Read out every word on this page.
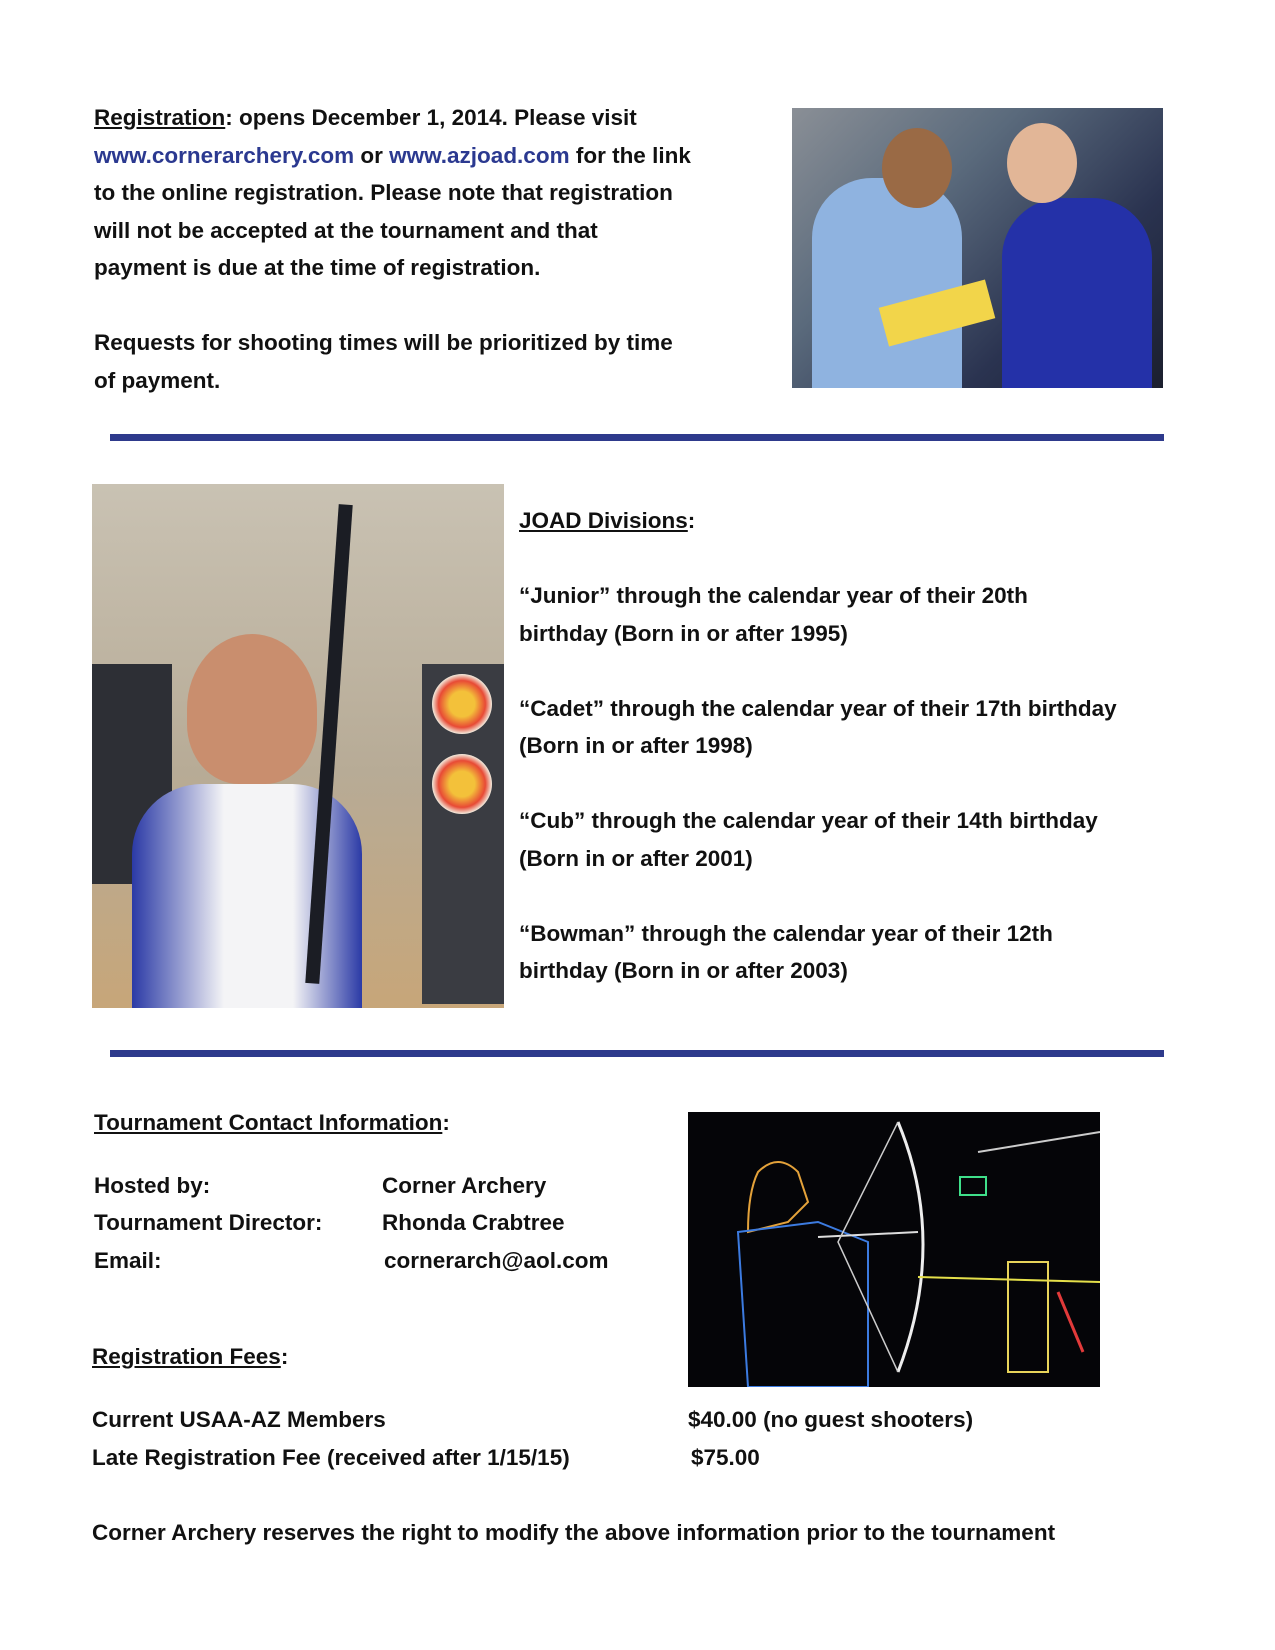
Registration: opens December 1, 2014. Please visit
www.cornerarchery.com or www.azjoad.com for the link
to the online registration. Please note that registration
will not be accepted at the tournament and that
payment is due at the time of registration.
Requests for shooting times will be prioritized by time
of payment.
JOAD Divisions:
“Junior” through the calendar year of their 20th
birthday (Born in or after 1995)
“Cadet” through the calendar year of their 17th birthday
(Born in or after 1998)
“Cub” through the calendar year of their 14th birthday
(Born in or after 2001)
“Bowman” through the calendar year of their 12th
birthday (Born in or after 2003)
Tournament Contact Information:
Hosted by:	Corner Archery
Tournament Director:	Rhonda Crabtree
Email:	cornerarch@aol.com
Registration Fees:
Current USAA-AZ Members	$40.00 (no guest shooters)
Late Registration Fee (received after 1/15/15)	$75.00
Corner Archery reserves the right to modify the above information prior to the tournament
